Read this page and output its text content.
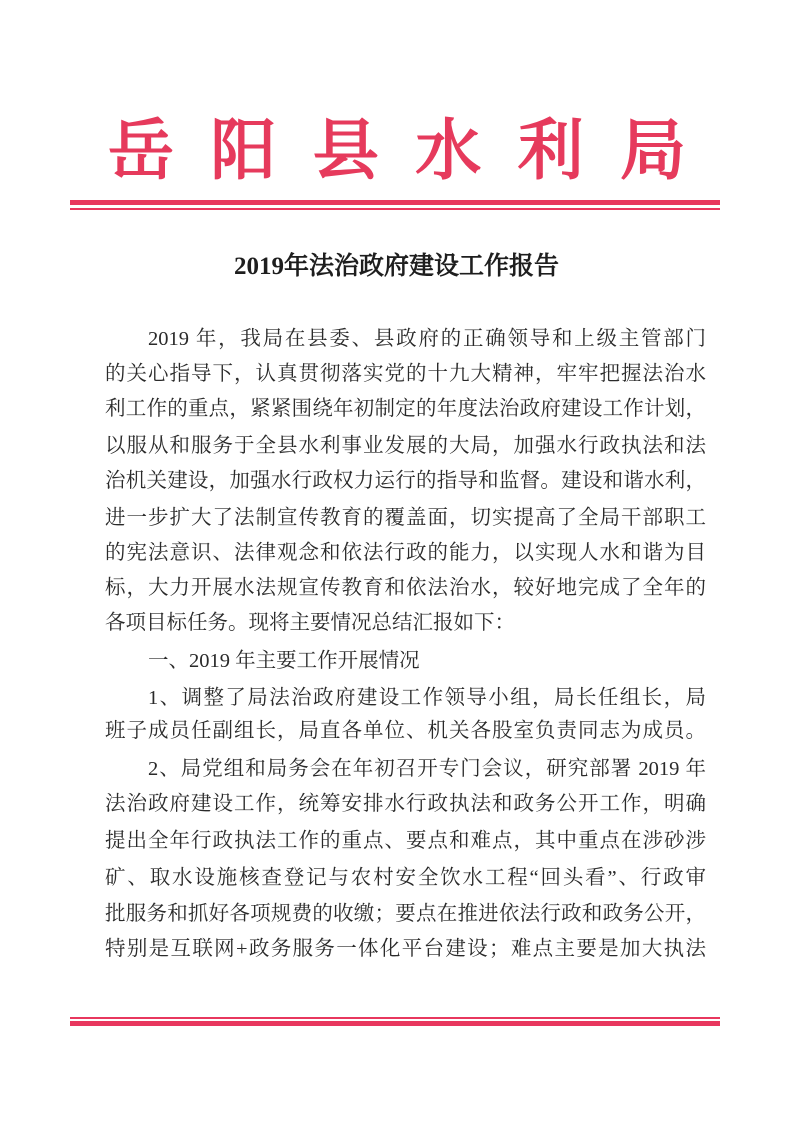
岳阳县水利局
2019年法治政府建设工作报告
2019 年，我局在县委、县政府的正确领导和上级主管部门
的关心指导下，认真贯彻落实党的十九大精神，牢牢把握法治水
利工作的重点，紧紧围绕年初制定的年度法治政府建设工作计划，
以服从和服务于全县水利事业发展的大局，加强水行政执法和法
治机关建设，加强水行政权力运行的指导和监督。建设和谐水利，
进一步扩大了法制宣传教育的覆盖面，切实提高了全局干部职工
的宪法意识、法律观念和依法行政的能力，以实现人水和谐为目
标，大力开展水法规宣传教育和依法治水，较好地完成了全年的
各项目标任务。现将主要情况总结汇报如下：
一、2019 年主要工作开展情况
1、调整了局法治政府建设工作领导小组，局长任组长，局
班子成员任副组长，局直各单位、机关各股室负责同志为成员。
2、局党组和局务会在年初召开专门会议，研究部署 2019 年
法治政府建设工作，统筹安排水行政执法和政务公开工作，明确
提出全年行政执法工作的重点、要点和难点，其中重点在涉砂涉
矿、取水设施核查登记与农村安全饮水工程“回头看”、行政审
批服务和抓好各项规费的收缴；要点在推进依法行政和政务公开，
特别是互联网+政务服务一体化平台建设；难点主要是加大执法
